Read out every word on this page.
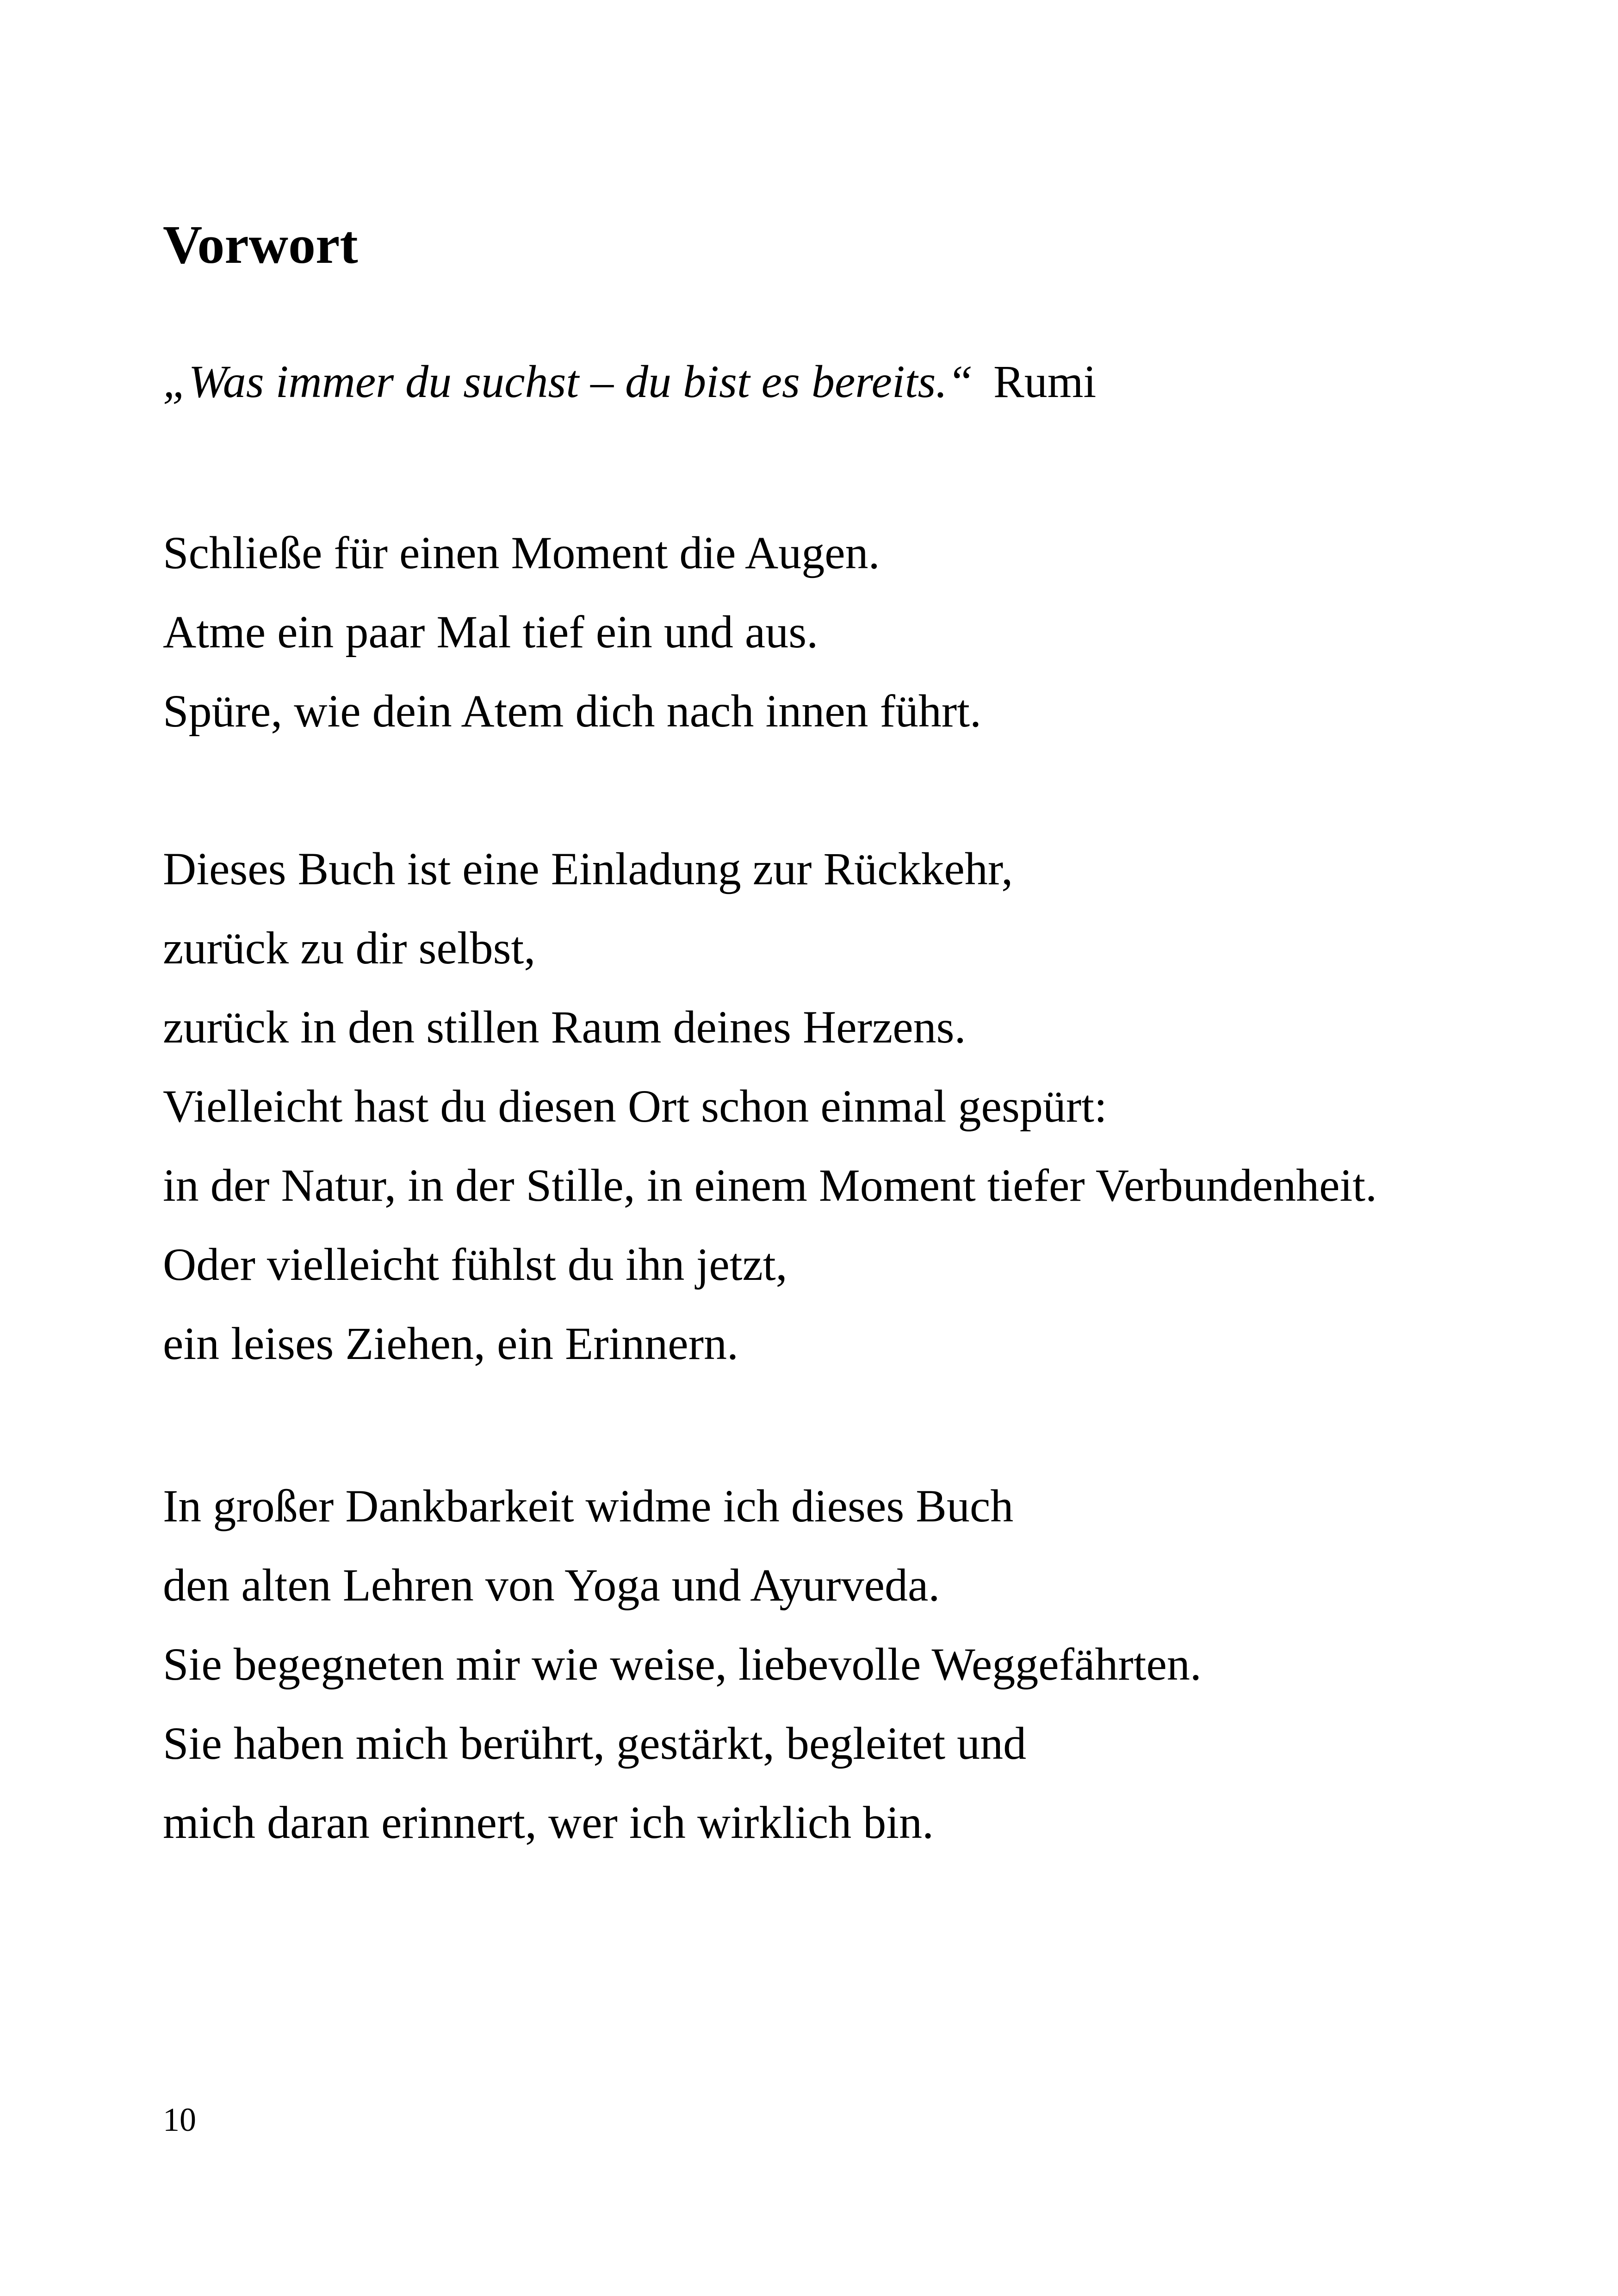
Vorwort
„Was immer du suchst – du bist es bereits.“ Rumi
Schließe für einen Moment die Augen.
Atme ein paar Mal tief ein und aus.
Spüre, wie dein Atem dich nach innen führt.
Dieses Buch ist eine Einladung zur Rückkehr,
zurück zu dir selbst,
zurück in den stillen Raum deines Herzens.
Vielleicht hast du diesen Ort schon einmal gespürt:
in der Natur, in der Stille, in einem Moment tiefer Verbundenheit.
Oder vielleicht fühlst du ihn jetzt,
ein leises Ziehen, ein Erinnern.
In großer Dankbarkeit widme ich dieses Buch
den alten Lehren von Yoga und Ayurveda.
Sie begegneten mir wie weise, liebevolle Weggefährten.
Sie haben mich berührt, gestärkt, begleitet und
mich daran erinnert, wer ich wirklich bin.
10
